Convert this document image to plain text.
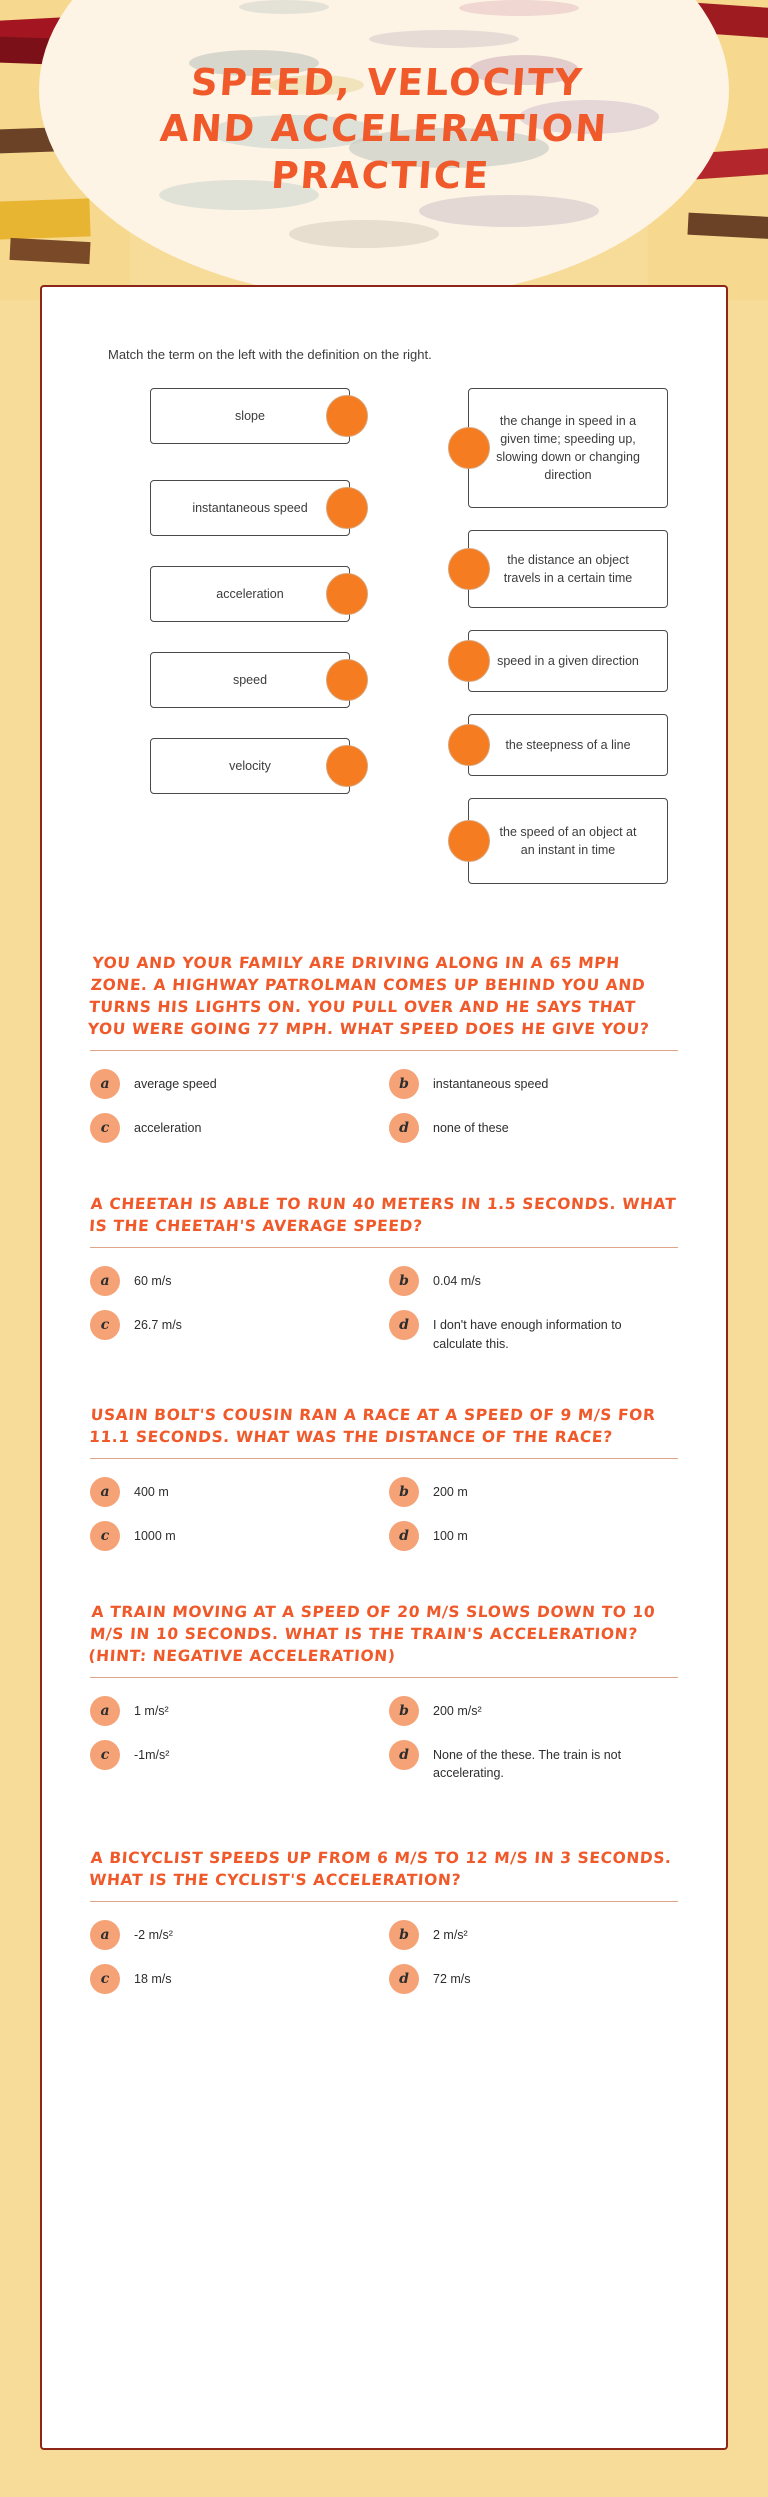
SPEED, VELOCITY
AND ACCELERATION
PRACTICE
Match the term on the left with the definition on the right.
slope
instantaneous speed
acceleration
speed
velocity
the change in speed in a given time; speeding up, slowing down or changing direction
the distance an object travels in a certain time
speed in a given direction
the steepness of a line
the speed of an object at an instant in time
YOU AND YOUR FAMILY ARE DRIVING ALONG IN A 65 MPH ZONE. A HIGHWAY PATROLMAN COMES UP BEHIND YOU AND TURNS HIS LIGHTS ON. YOU PULL OVER AND HE SAYS THAT YOU WERE GOING 77 MPH. WHAT SPEED DOES HE GIVE YOU?
a	average speed	b	instantaneous speed
c	acceleration	d	none of these
A CHEETAH IS ABLE TO RUN 40 METERS IN 1.5 SECONDS. WHAT IS THE CHEETAH'S AVERAGE SPEED?
a	60 m/s	b	0.04 m/s
c	26.7 m/s	d	I don't have enough information to calculate this.
USAIN BOLT'S COUSIN RAN A RACE AT A SPEED OF 9 M/S FOR 11.1 SECONDS. WHAT WAS THE DISTANCE OF THE RACE?
a	400 m	b	200 m
c	1000 m	d	100 m
A TRAIN MOVING AT A SPEED OF 20 M/S SLOWS DOWN TO 10 M/S IN 10 SECONDS. WHAT IS THE TRAIN'S ACCELERATION? (HINT: NEGATIVE ACCELERATION)
a	1 m/s²	b	200 m/s²
c	-1m/s²	d	None of the these. The train is not accelerating.
A BICYCLIST SPEEDS UP FROM 6 M/S TO 12 M/S IN 3 SECONDS. WHAT IS THE CYCLIST'S ACCELERATION?
a	-2 m/s²	b	2 m/s²
c	18 m/s	d	72 m/s
